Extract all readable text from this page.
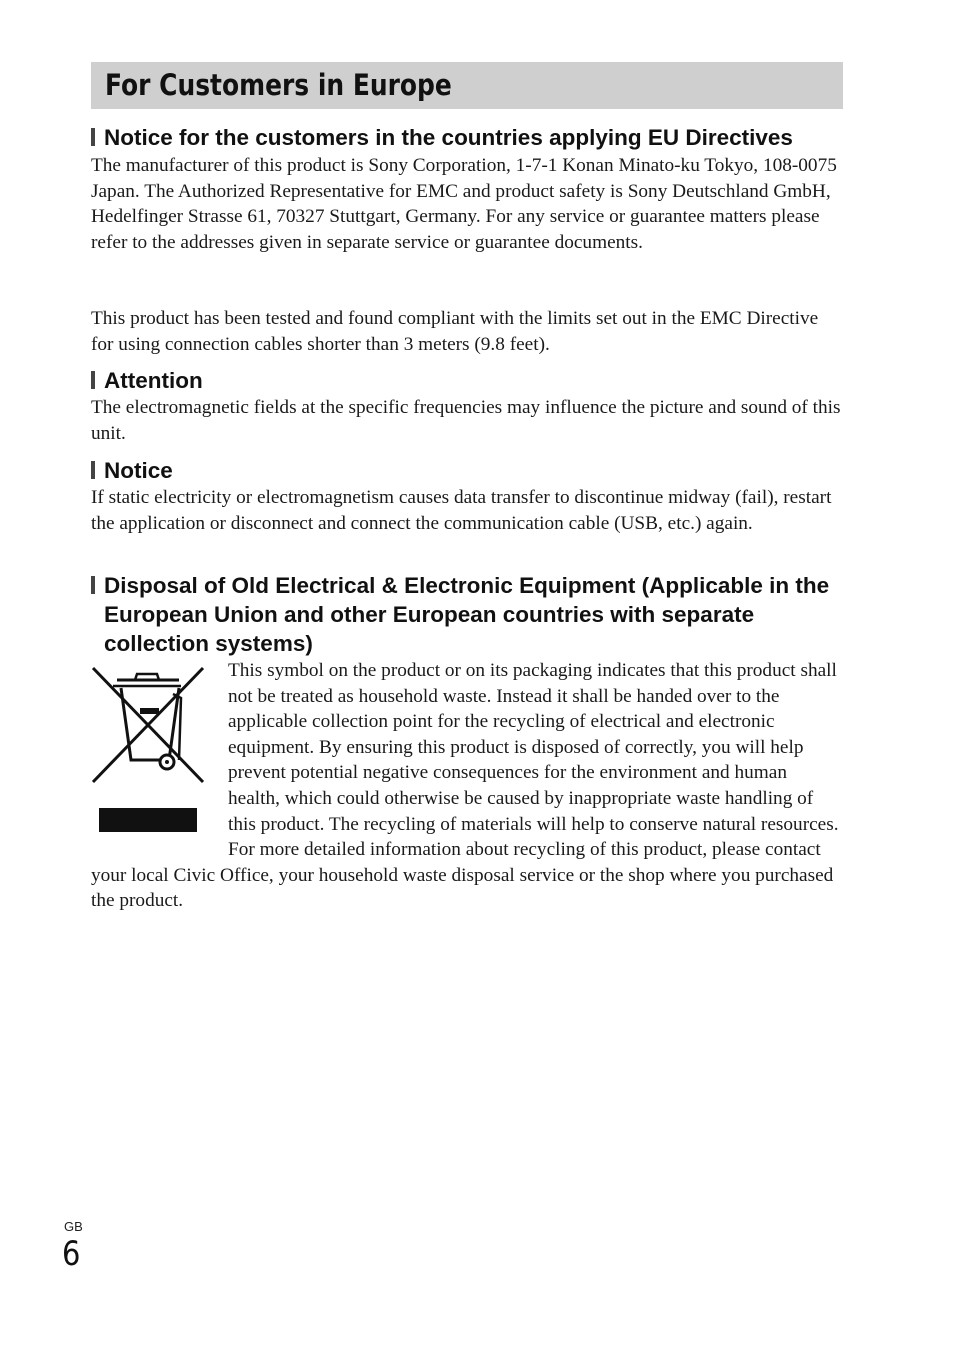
For Customers in Europe
Notice for the customers in the countries applying EU Directives

The manufacturer of this product is Sony Corporation, 1-7-1 Konan Minato-ku Tokyo, 108-0075 Japan. The Authorized Representative for EMC and product safety is Sony Deutschland GmbH, Hedelfinger Strasse 61, 70327 Stuttgart, Germany. For any service or guarantee matters please refer to the addresses given in separate service or guarantee documents.

This product has been tested and found compliant with the limits set out in the EMC Directive for using connection cables shorter than 3 meters (9.8 feet).

Attention

The electromagnetic fields at the specific frequencies may influence the picture and sound of this unit.

Notice

If static electricity or electromagnetism causes data transfer to discontinue midway (fail), restart the application or disconnect and connect the communication cable (USB, etc.) again.

Disposal of Old Electrical & Electronic Equipment (Applicable in the European Union and other European countries with separate collection systems)

This symbol on the product or on its packaging indicates that this product shall not be treated as household waste. Instead it shall be handed over to the applicable collection point for the recycling of electrical and electronic equipment. By ensuring this product is disposed of correctly, you will help prevent potential negative consequences for the environment and human health, which could otherwise be caused by inappropriate waste handling of this product. The recycling of materials will help to conserve natural resources. For more detailed information about recycling of this product, please contact your local Civic Office, your household waste disposal service or the shop where you purchased the product.

GB
6
